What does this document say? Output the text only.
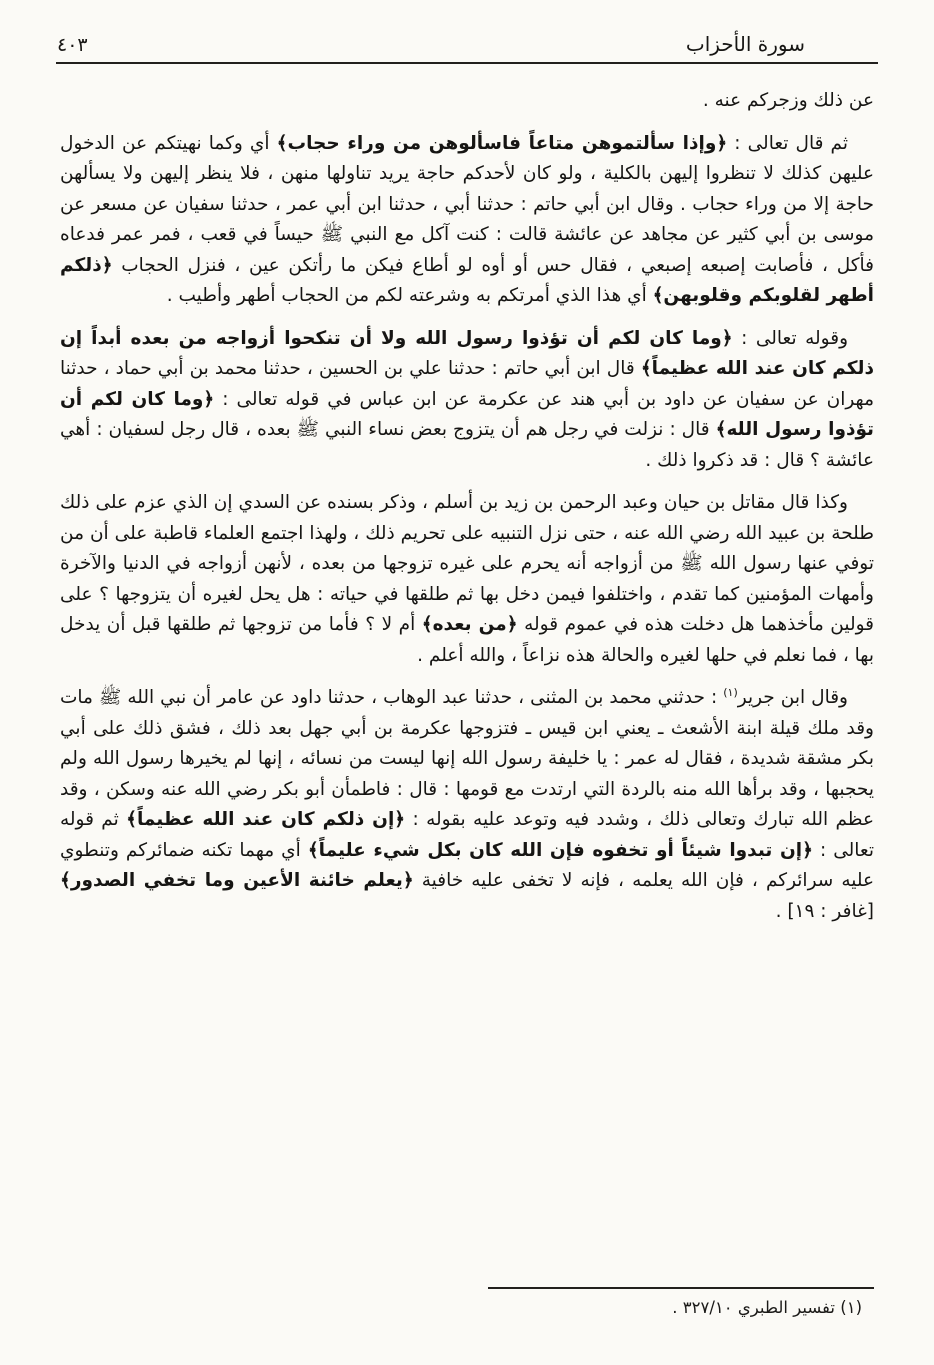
سورة الأحزاب
٤٠٣

عن ذلك وزجركم عنه .

ثم قال تعالى : ﴿وإذا سألتموهن متاعاً فاسألوهن من وراء حجاب﴾ أي وكما نهيتكم عن الدخول عليهن كذلك لا تنظروا إليهن بالكلية ، ولو كان لأحدكم حاجة يريد تناولها منهن ، فلا ينظر إليهن ولا يسألهن حاجة إلا من وراء حجاب . وقال ابن أبي حاتم : حدثنا أبي ، حدثنا ابن أبي عمر ، حدثنا سفيان عن مسعر عن موسى بن أبي كثير عن مجاهد عن عائشة قالت : كنت آكل مع النبي ﷺ حيساً في قعب ، فمر عمر فدعاه فأكل ، فأصابت إصبعه إصبعي ، فقال حس أو أوه لو أطاع فيكن ما رأتكن عين ، فنزل الحجاب ﴿ذلكم أطهر لقلوبكم وقلوبهن﴾ أي هذا الذي أمرتكم به وشرعته لكم من الحجاب أطهر وأطيب .

وقوله تعالى : ﴿وما كان لكم أن تؤذوا رسول الله ولا أن تنكحوا أزواجه من بعده أبداً إن ذلكم كان عند الله عظيماً﴾ قال ابن أبي حاتم : حدثنا علي بن الحسين ، حدثنا محمد بن أبي حماد ، حدثنا مهران عن سفيان عن داود بن أبي هند عن عكرمة عن ابن عباس في قوله تعالى : ﴿وما كان لكم أن تؤذوا رسول الله﴾ قال : نزلت في رجل هم أن يتزوج بعض نساء النبي ﷺ بعده ، قال رجل لسفيان : أهي عائشة ؟ قال : قد ذكروا ذلك .

وكذا قال مقاتل بن حيان وعبد الرحمن بن زيد بن أسلم ، وذكر بسنده عن السدي إن الذي عزم على ذلك طلحة بن عبيد الله رضي الله عنه ، حتى نزل التنبيه على تحريم ذلك ، ولهذا اجتمع العلماء قاطبة على أن من توفي عنها رسول الله ﷺ من أزواجه أنه يحرم على غيره تزوجها من بعده ، لأنهن أزواجه في الدنيا والآخرة وأمهات المؤمنين كما تقدم ، واختلفوا فيمن دخل بها ثم طلقها في حياته : هل يحل لغيره أن يتزوجها ؟ على قولين مأخذهما هل دخلت هذه في عموم قوله ﴿من بعده﴾ أم لا ؟ فأما من تزوجها ثم طلقها قبل أن يدخل بها ، فما نعلم في حلها لغيره والحالة هذه نزاعاً ، والله أعلم .

وقال ابن جرير$^{(١)}$ : حدثني محمد بن المثنى ، حدثنا عبد الوهاب ، حدثنا داود عن عامر أن نبي الله ﷺ مات وقد ملك قيلة ابنة الأشعث ـ يعني ابن قيس ـ فتزوجها عكرمة بن أبي جهل بعد ذلك ، فشق ذلك على أبي بكر مشقة شديدة ، فقال له عمر : يا خليفة رسول الله إنها ليست من نسائه ، إنها لم يخيرها رسول الله ولم يحجبها ، وقد برأها الله منه بالردة التي ارتدت مع قومها : قال : فاطمأن أبو بكر رضي الله عنه وسكن ، وقد عظم الله تبارك وتعالى ذلك ، وشدد فيه وتوعد عليه بقوله : ﴿إن ذلكم كان عند الله عظيماً﴾ ثم قوله تعالى : ﴿إن تبدوا شيئاً أو تخفوه فإن الله كان بكل شيء عليماً﴾ أي مهما تكنه ضمائركم وتنطوي عليه سرائركم ، فإن الله يعلمه ، فإنه لا تخفى عليه خافية ﴿يعلم خائنة الأعين وما تخفي الصدور﴾ [غافر : ١٩] .

(١) تفسير الطبري ٣٢٧/١٠ .
